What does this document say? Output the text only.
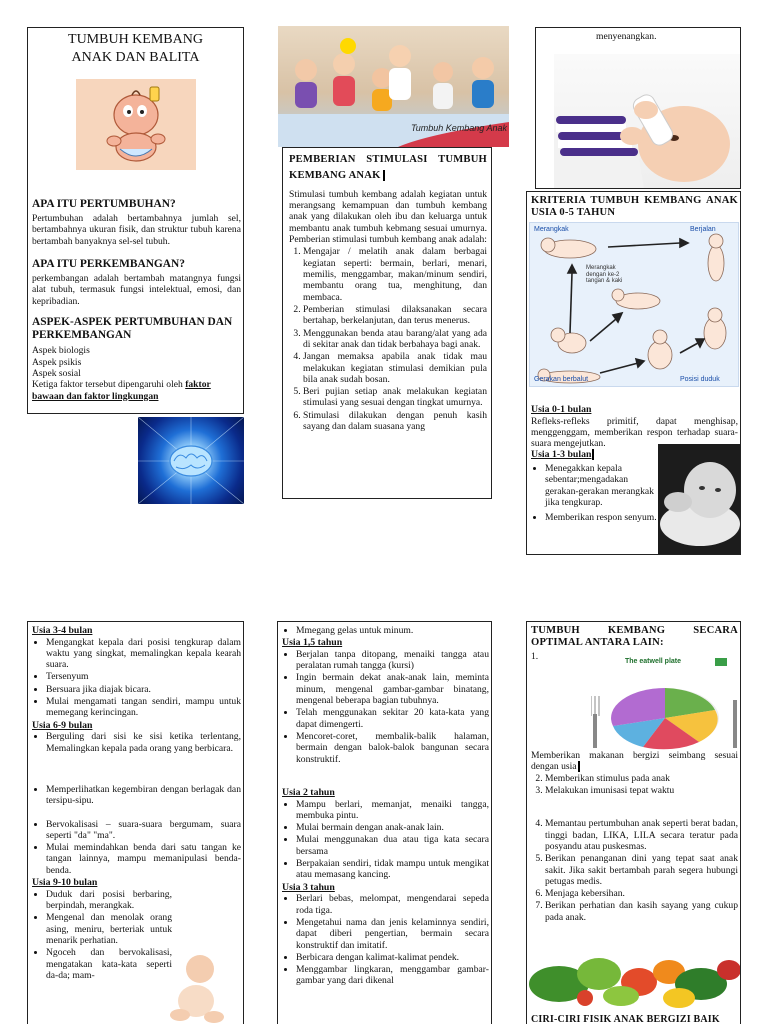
TUMBUH KEMBANG ANAK DAN BALITA
APA ITU PERTUMBUHAN?
Pertumbuhan adalah bertambahnya jumlah sel, bertambahnya ukuran fisik, dan struktur tubuh karena bertambah banyaknya sel-sel tubuh.
APA ITU PERKEMBANGAN?
perkembangan adalah bertambah matangnya fungsi alat tubuh, termasuk fungsi intelektual, emosi, dan kepribadian.
ASPEK-ASPEK PERTUMBUHAN DAN PERKEMBANGAN
Aspek biologis
Aspek psikis
Aspek sosial
Ketiga faktor tersebut dipengaruhi oleh faktor bawaan dan faktor lingkungan
Tumbuh Kembang Anak
PEMBERIAN STIMULASI TUMBUH KEMBANG ANAK
Stimulasi tumbuh kembang adalah kegiatan untuk merangsang kemampuan dan tumbuh kembang anak yang dilakukan oleh ibu dan keluarga untuk membantu anak tumbuh kebmang sesuai umurnya. Pemberian stimulasi tumbuh kembang anak adalah:
1. Mengajar / melatih anak dalam berbagai kegiatan seperti: bermain, berlari, menari, memilis, menggambar, makan/minum sendiri, membantu orang tua, menghitung, dan membaca.
2. Pemberian stimulasi dilaksanakan secara bertahap, berkelanjutan, dan terus menerus.
3. Menggunakan benda atau barang/alat yang ada di sekitar anak dan tidak berbahaya bagi anak.
4. Jangan memaksa apabila anak tidak mau melakukan kegiatan stimulasi demikian pula bila anak sudah bosan.
5. Beri pujian setiap anak melakukan kegiatan stimulasi yang sesuai dengan tingkat umurnya.
6. Stimulasi dilakukan dengan penuh kasih sayang dan dalam suasana yang
menyenangkan.
KRITERIA TUMBUH KEMBANG ANAK USIA 0-5 TAHUN
Merangkak	Berjalan
Merangkak dengan ke-2 tangan & kaki
Gerakan berbalut	Posisi duduk
Usia 0-1 bulan
Refleks-refleks primitif, dapat menghisap, menggenggam, memberikan respon terhadap suara-suara mengejutkan.
Usia 1-3 bulan
• Menegakkan kepala sebentar;mengadakan gerakan-gerakan merangkak jika tengkurap.
• Memberikan respon senyum.
Usia 3-4 bulan
• Mengangkat kepala dari posisi tengkurap dalam waktu yang singkat, memalingkan kepala kearah suara.
• Tersenyum
• Bersuara jika diajak bicara.
• Mulai mengamati tangan sendiri, mampu untuk memegang kerincingan.
Usia 6-9 bulan
• Berguling dari sisi ke sisi ketika terlentang, Memalingkan kepala pada orang yang berbicara.
• Memperlihatkan kegembiran dengan berlagak dan tersipu-sipu.
• Bervokalisasi – suara-suara bergumam, suara seperti "da" "ma".
• Mulai memindahkan benda dari satu tangan ke tangan lainnya, mampu memanipulasi benda-benda.
Usia 9-10 bulan
• Duduk dari posisi berbaring, berpindah, merangkak.
• Mengenal dan menolak orang asing, meniru, berteriak untuk menarik perhatian.
• Ngoceh dan bervokalisasi, mengatakan kata-kata seperti da-da; mam-
• Mmegang gelas untuk minum.
Usia 1,5 tahun
• Berjalan tanpa ditopang, menaiki tangga atau peralatan rumah tangga (kursi)
• Ingin bermain dekat anak-anak lain, meminta minum, mengenal gambar-gambar binatang, mengenal beberapa bagian tubuhnya.
• Telah menggunakan sekitar 20 kata-kata yang dapat dimengerti.
• Mencoret-coret, membalik-balik halaman, bermain dengan balok-balok bangunan secara konstruktif.
Usia 2 tahun
• Mampu berlari, memanjat, menaiki tangga, membuka pintu.
• Mulai bermain dengan anak-anak lain.
• Mulai menggunakan dua atau tiga kata secara bersama
• Berpakaian sendiri, tidak mampu untuk mengikat atau memasang kancing.
Usia 3 tahun
• Berlari bebas, melompat, mengendarai sepeda roda tiga.
• Mengetahui nama dan jenis kelaminnya sendiri, dapat diberi pengertian, bermain secara konstruktif dan imitatif.
• Berbicara dengan kalimat-kalimat pendek.
• Menggambar lingkaran, menggambar gambar-gambar yang dari dikenal
TUMBUH KEMBANG SECARA OPTIMAL ANTARA LAIN:
1.	The eatwell plate
Memberikan makanan bergizi seimbang sesuai dengan usia
2. Memberikan stimulus pada anak
3. Melakukan imunisasi tepat waktu
4. Memantau pertumbuhan anak seperti berat badan, tinggi badan, LIKA, LILA secara teratur pada posyandu atau puskesmas.
5. Berikan penanganan dini yang tepat saat anak sakit. Jika sakit bertambah parah segera hubungi petugas medis.
6. Menjaga kebersihan.
7. Berikan perhatian dan kasih sayang yang cukup pada anak.
CIRI-CIRI FISIK ANAK BERGIZI BAIK
